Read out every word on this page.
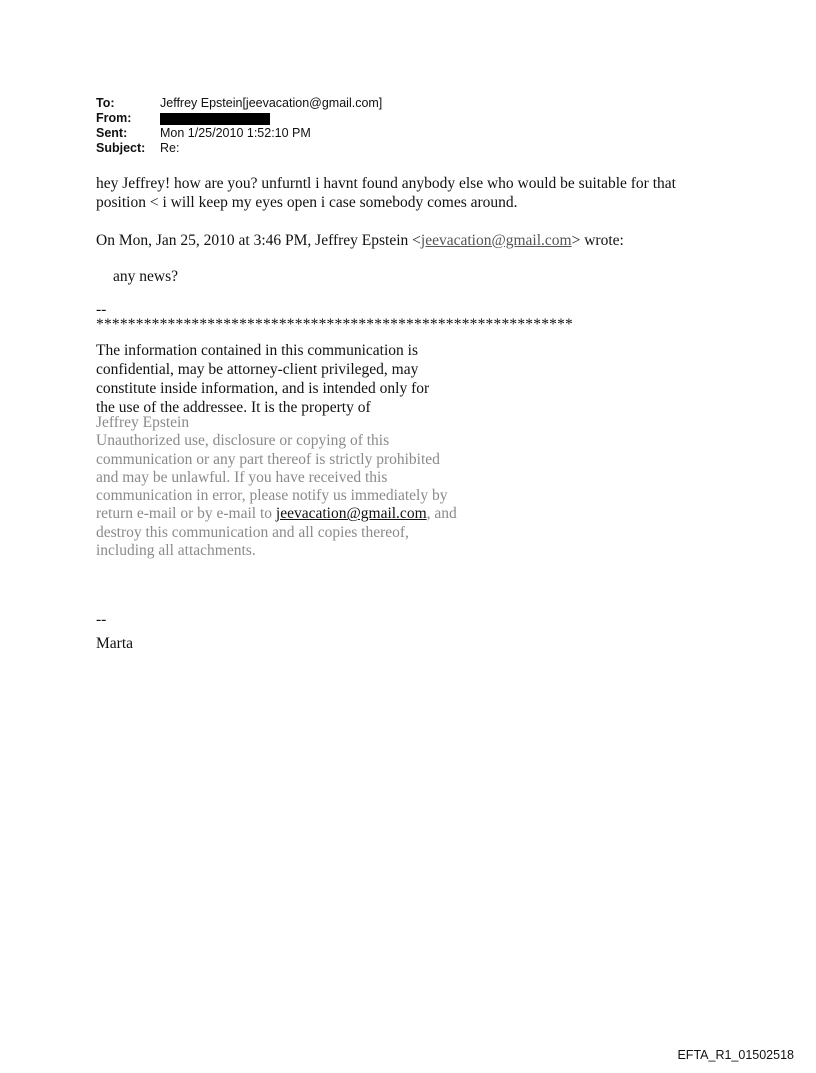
To:	Jeffrey Epstein[jeevacation@gmail.com]
From:
Sent:	Mon 1/25/2010 1:52:10 PM
Subject:	Re:
hey Jeffrey! how are you? unfurntl i havnt found anybody else who would be suitable for that
position < i will keep my eyes open i case somebody comes around.
On Mon, Jan 25, 2010 at 3:46 PM, Jeffrey Epstein <jeevacation@gmail.com> wrote:
any news?
--
************************************************************
The information contained in this communication is
confidential, may be attorney-client privileged, may
constitute inside information, and is intended only for
the use of the addressee. It is the property of
Jeffrey Epstein
Unauthorized use, disclosure or copying of this
communication or any part thereof is strictly prohibited
and may be unlawful. If you have received this
communication in error, please notify us immediately by
return e-mail or by e-mail to jeevacation@gmail.com, and
destroy this communication and all copies thereof,
including all attachments.
--
Marta
EFTA_R1_01502518
